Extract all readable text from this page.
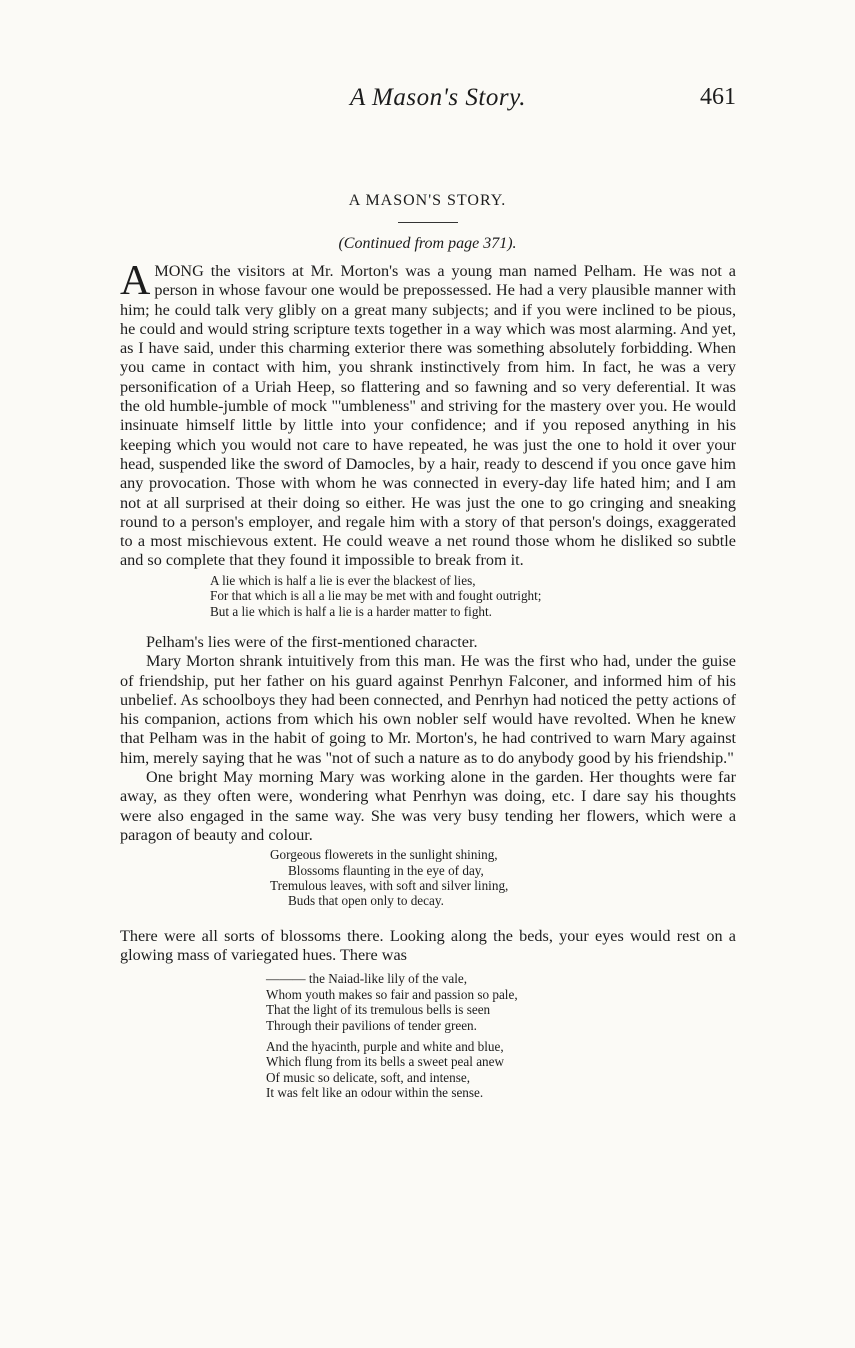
A Mason's Story.	461
A MASON'S STORY.
(Continued from page 371).

AMONG the visitors at Mr. Morton's was a young man named Pelham. He was not a person in whose favour one would be prepossessed. He had a very plausible manner with him; he could talk very glibly on a great many subjects; and if you were inclined to be pious, he could and would string scripture texts together in a way which was most alarming. And yet, as I have said, under this charming exterior there was something absolutely forbidding. When you came in contact with him, you shrank instinctively from him. In fact, he was a very personification of a Uriah Heep, so flattering and so fawning and so very deferential. It was the old humble-jumble of mock "'umbleness" and striving for the mastery over you. He would insinuate himself little by little into your confidence; and if you reposed anything in his keeping which you would not care to have repeated, he was just the one to hold it over your head, suspended like the sword of Damocles, by a hair, ready to descend if you once gave him any provocation. Those with whom he was connected in every-day life hated him; and I am not at all surprised at their doing so either. He was just the one to go cringing and sneaking round to a person's employer, and regale him with a story of that person's doings, exaggerated to a most mischievous extent. He could weave a net round those whom he disliked so subtle and so complete that they found it impossible to break from it.

A lie which is half a lie is ever the blackest of lies,
For that which is all a lie may be met with and fought outright;
But a lie which is half a lie is a harder matter to fight.

Pelham's lies were of the first-mentioned character.

Mary Morton shrank intuitively from this man. He was the first who had, under the guise of friendship, put her father on his guard against Penrhyn Falconer, and informed him of his unbelief. As schoolboys they had been connected, and Penrhyn had noticed the petty actions of his companion, actions from which his own nobler self would have revolted. When he knew that Pelham was in the habit of going to Mr. Morton's, he had contrived to warn Mary against him, merely saying that he was "not of such a nature as to do anybody good by his friendship."

One bright May morning Mary was working alone in the garden. Her thoughts were far away, as they often were, wondering what Penrhyn was doing, etc. I dare say his thoughts were also engaged in the same way. She was very busy tending her flowers, which were a paragon of beauty and colour.

Gorgeous flowerets in the sunlight shining,
Blossoms flaunting in the eye of day,
Tremulous leaves, with soft and silver lining,
Buds that open only to decay.

There were all sorts of blossoms there. Looking along the beds, your eyes would rest on a glowing mass of variegated hues. There was

——— the Naiad-like lily of the vale,
Whom youth makes so fair and passion so pale,
That the light of its tremulous bells is seen
Through their pavilions of tender green.
And the hyacinth, purple and white and blue,
Which flung from its bells a sweet peal anew
Of music so delicate, soft, and intense,
It was felt like an odour within the sense.
